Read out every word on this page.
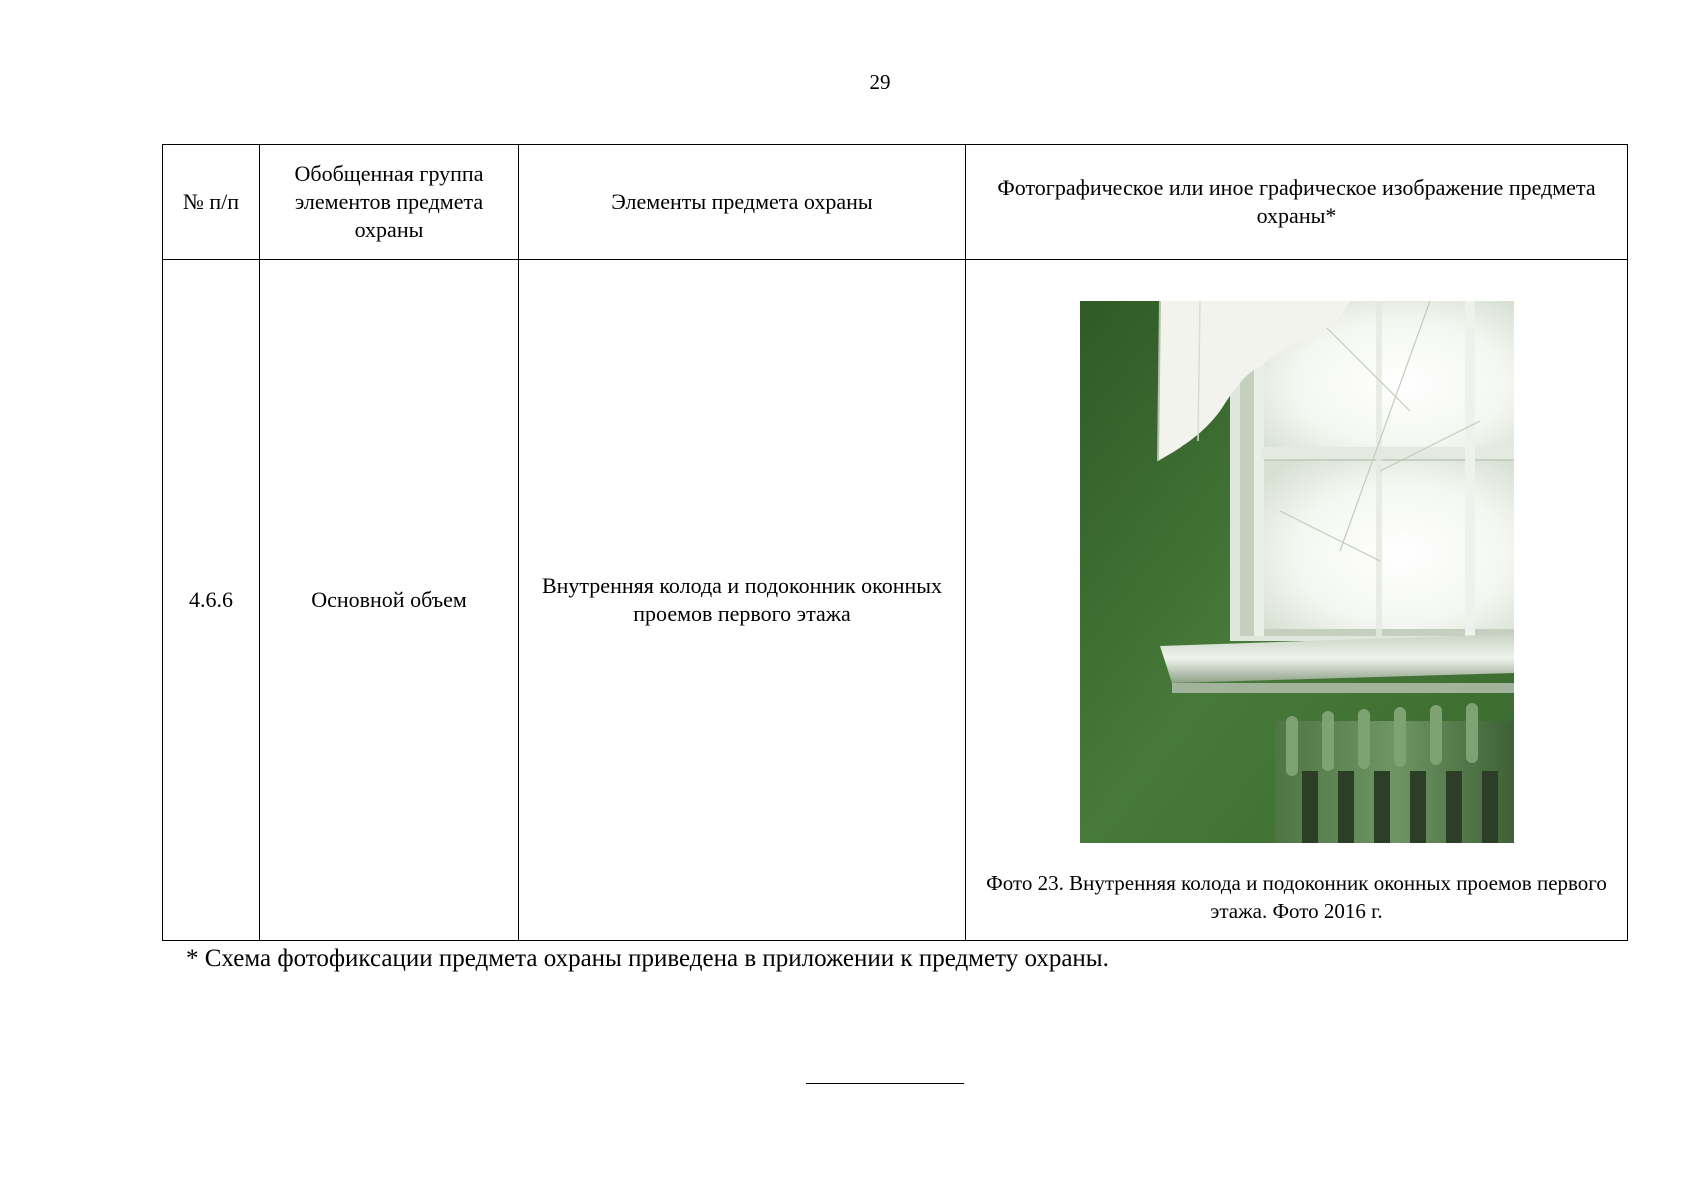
29
№ п/п	Обобщенная группа элементов предмета охраны	Элементы предмета охраны	Фотографическое или иное графическое изображение предмета охраны*
4.6.6	Основной объем	Внутренняя колода и подоконник оконных проемов первого этажа	Фото 23. Внутренняя колода и подоконник оконных проемов первого этажа. Фото 2016 г.
* Схема фотофиксации предмета охраны приведена в приложении к предмету охраны.
